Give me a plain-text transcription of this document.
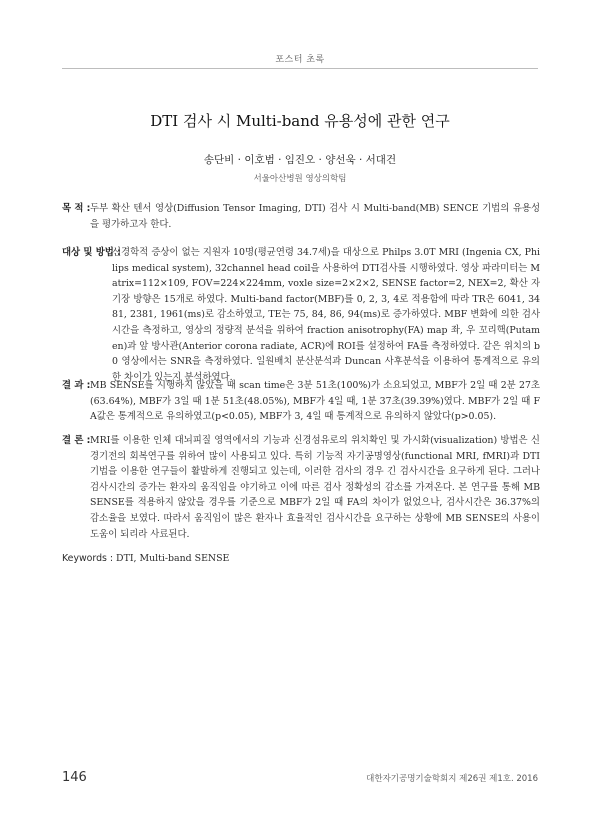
포스터 초록
DTI 검사 시 Multi-band 유용성에 관한 연구
송단비 · 이호범 · 임진오 · 양선욱 · 서대건
서울아산병원 영상의학팀
목 적 : 두부 확산 텐서 영상(Diffusion Tensor Imaging, DTI) 검사 시 Multi-band(MB) SENCE 기법의 유용성을 평가하고자 한다.
대상 및 방법 :
신경학적 증상이 없는 지원자 10명(평균연령 34.7세)을 대상으로 Philps 3.0T MRI (Ingenia CX, Philips medical system), 32channel head coil을 사용하여 DTI검사를 시행하였다. 영상 파라미터는 Matrix=112×109, FOV=224×224mm, voxle size=2×2×2, SENSE factor=2, NEX=2, 확산 자기장 방향은 15개로 하였다. Multi-band factor(MBF)를 0, 2, 3, 4로 적용함에 따라 TR은 6041, 3481, 2381, 1961(ms)로 감소하였고, TE는 75, 84, 86, 94(ms)로 증가하였다. MBF 변화에 의한 검사 시간을 측정하고, 영상의 정량적 분석을 위하여 fraction anisotrophy(FA) map 좌, 우 꼬리핵(Putamen)과 앞 방사관(Anterior corona radiate, ACR)에 ROI를 설정하여 FA를 측정하였다. 같은 위치의 b0 영상에서는 SNR을 측정하였다. 일원배치 분산분석과 Duncan 사후분석을 이용하여 통계적으로 유의한 차이가 있는지 분석하였다.
결 과 : MB SENSE를 시행하지 않았을 때 scan time은 3분 51초(100%)가 소요되었고, MBF가 2일 때 2분 27초(63.64%), MBF가 3일 때 1분 51초(48.05%), MBF가 4일 때, 1분 37초(39.39%)였다. MBF가 2일 때 FA값은 통계적으로 유의하였고(p<0.05), MBF가 3, 4일 때 통계적으로 유의하지 않았다(p>0.05).
결 론 : MRI를 이용한 인체 대뇌피질 영역에서의 기능과 신경섬유로의 위치확인 및 가시화(visualization) 방법은 신경기전의 회복연구를 위하여 많이 사용되고 있다. 특히 기능적 자기공명영상(functional MRI, fMRI)과 DTI 기법을 이용한 연구들이 활발하게 진행되고 있는데, 이러한 검사의 경우 긴 검사시간을 요구하게 된다. 그러나 검사시간의 증가는 환자의 움직임을 야기하고 이에 따른 검사 정확성의 감소를 가져온다. 본 연구를 통해 MB SENSE를 적용하지 않았을 경우를 기준으로 MBF가 2일 때 FA의 차이가 없었으나, 검사시간은 36.37%의 감소율을 보였다. 따라서 움직임이 많은 환자나 효율적인 검사시간을 요구하는 상황에 MB SENSE의 사용이 도움이 되리라 사료된다.
Keywords : DTI, Multi-band SENSE
146	대한자기공명기술학회지 제26권 제1호. 2016
